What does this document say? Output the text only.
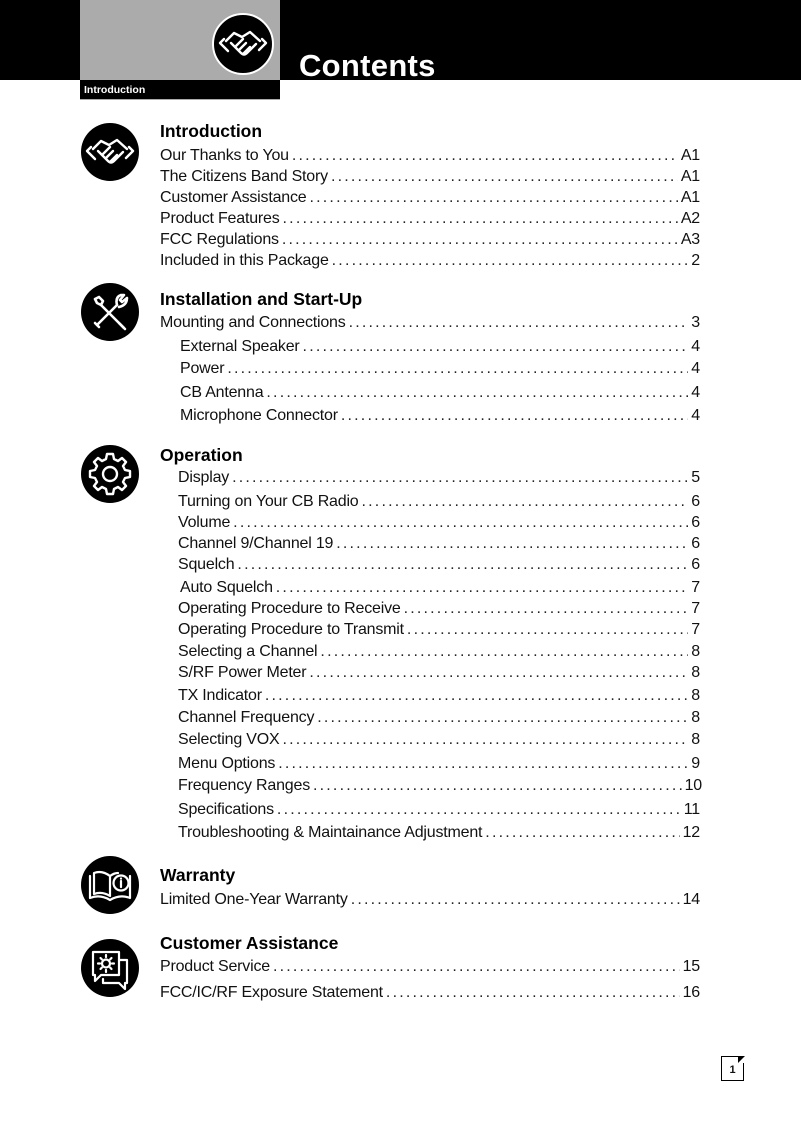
Introduction
Contents
Introduction
Our Thanks to You .....	A1
The Citizens Band Story .....	A1
Customer Assistance .....	A1
Product Features .....	A2
FCC Regulations .....	A3
Included in this Package .....	2
Installation and Start-Up
Mounting and Connections .....	3
External Speaker .....	4
Power .....	4
CB Antenna .....	4
Microphone Connector .....	4
Operation
Display .....	5
Turning on Your CB Radio .....	6
Volume .....	6
Channel 9/Channel 19 .....	6
Squelch .....	6
Auto Squelch .....	7
Operating Procedure to Receive .....	7
Operating Procedure to Transmit .....	7
Selecting a Channel .....	8
S/RF Power Meter .....	8
TX Indicator .....	8
Channel Frequency .....	8
Selecting VOX .....	8
Menu Options .....	9
Frequency Ranges .....	10
Specifications .....	11
Troubleshooting & Maintainance Adjustment .....	12
Warranty
Limited One-Year Warranty .....	14
Customer Assistance
Product Service .....	15
FCC/IC/RF Exposure Statement .....	16
1
